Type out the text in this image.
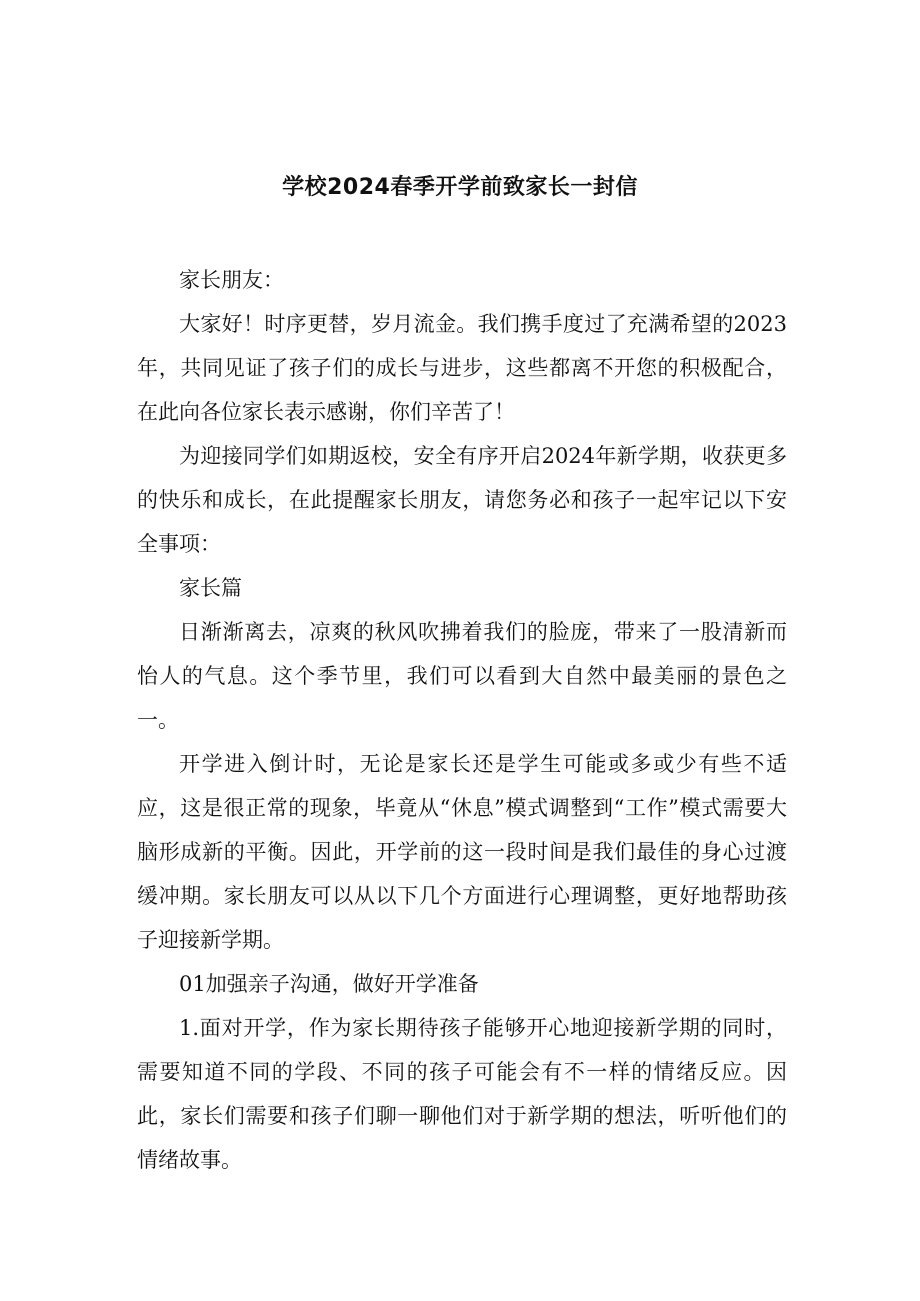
学校2024春季开学前致家长一封信

家长朋友：

大家好！时序更替，岁月流金。我们携手度过了充满希望的2023年，共同见证了孩子们的成长与进步，这些都离不开您的积极配合，在此向各位家长表示感谢，你们辛苦了！

为迎接同学们如期返校，安全有序开启2024年新学期，收获更多的快乐和成长，在此提醒家长朋友，请您务必和孩子一起牢记以下安全事项：

家长篇

日渐渐离去，凉爽的秋风吹拂着我们的脸庞，带来了一股清新而怡人的气息。这个季节里，我们可以看到大自然中最美丽的景色之一。

开学进入倒计时，无论是家长还是学生可能或多或少有些不适应，这是很正常的现象，毕竟从“休息”模式调整到“工作”模式需要大脑形成新的平衡。因此，开学前的这一段时间是我们最佳的身心过渡缓冲期。家长朋友可以从以下几个方面进行心理调整，更好地帮助孩子迎接新学期。

01加强亲子沟通，做好开学准备

1.面对开学，作为家长期待孩子能够开心地迎接新学期的同时，需要知道不同的学段、不同的孩子可能会有不一样的情绪反应。因此，家长们需要和孩子们聊一聊他们对于新学期的想法，听听他们的情绪故事。
